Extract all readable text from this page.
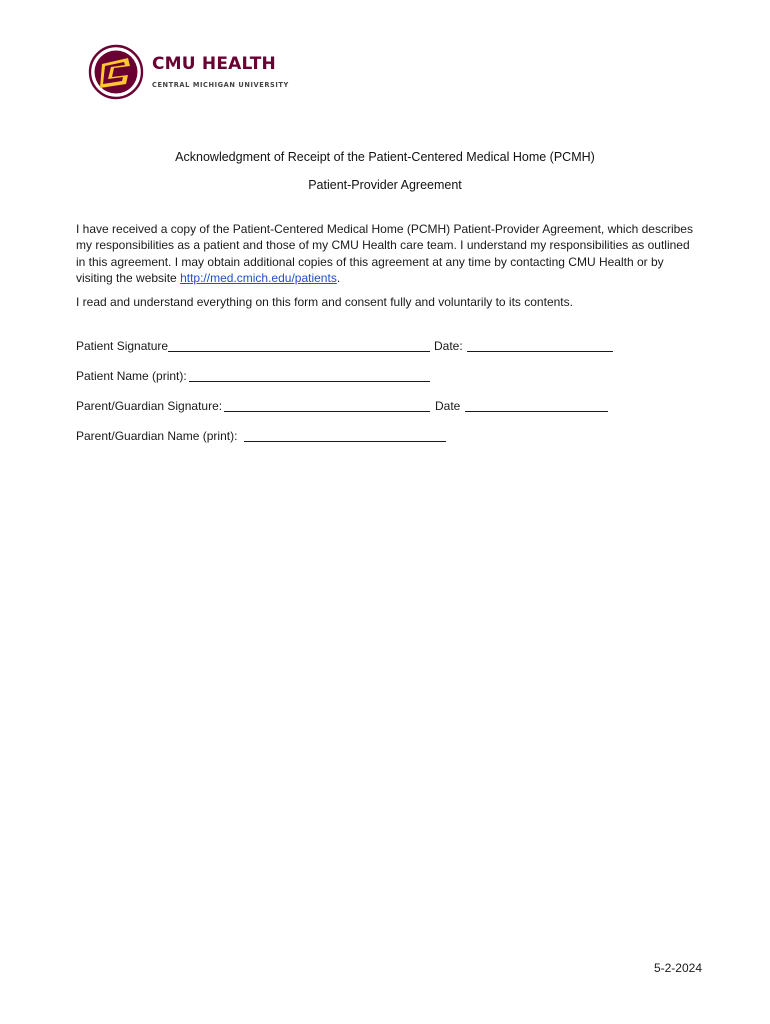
CMU HEALTH
CENTRAL MICHIGAN UNIVERSITY
Acknowledgment of Receipt of the Patient-Centered Medical Home (PCMH)
Patient-Provider Agreement
I have received a copy of the Patient-Centered Medical Home (PCMH) Patient-Provider Agreement, which describes my responsibilities as a patient and those of my CMU Health care team. I understand my responsibilities as outlined in this agreement. I may obtain additional copies of this agreement at any time by contacting CMU Health or by visiting the website http://med.cmich.edu/patients.
I read and understand everything on this form and consent fully and voluntarily to its contents.
Patient Signature	Date:
Patient Name (print):
Parent/Guardian Signature:	Date
Parent/Guardian Name (print):
5-2-2024
